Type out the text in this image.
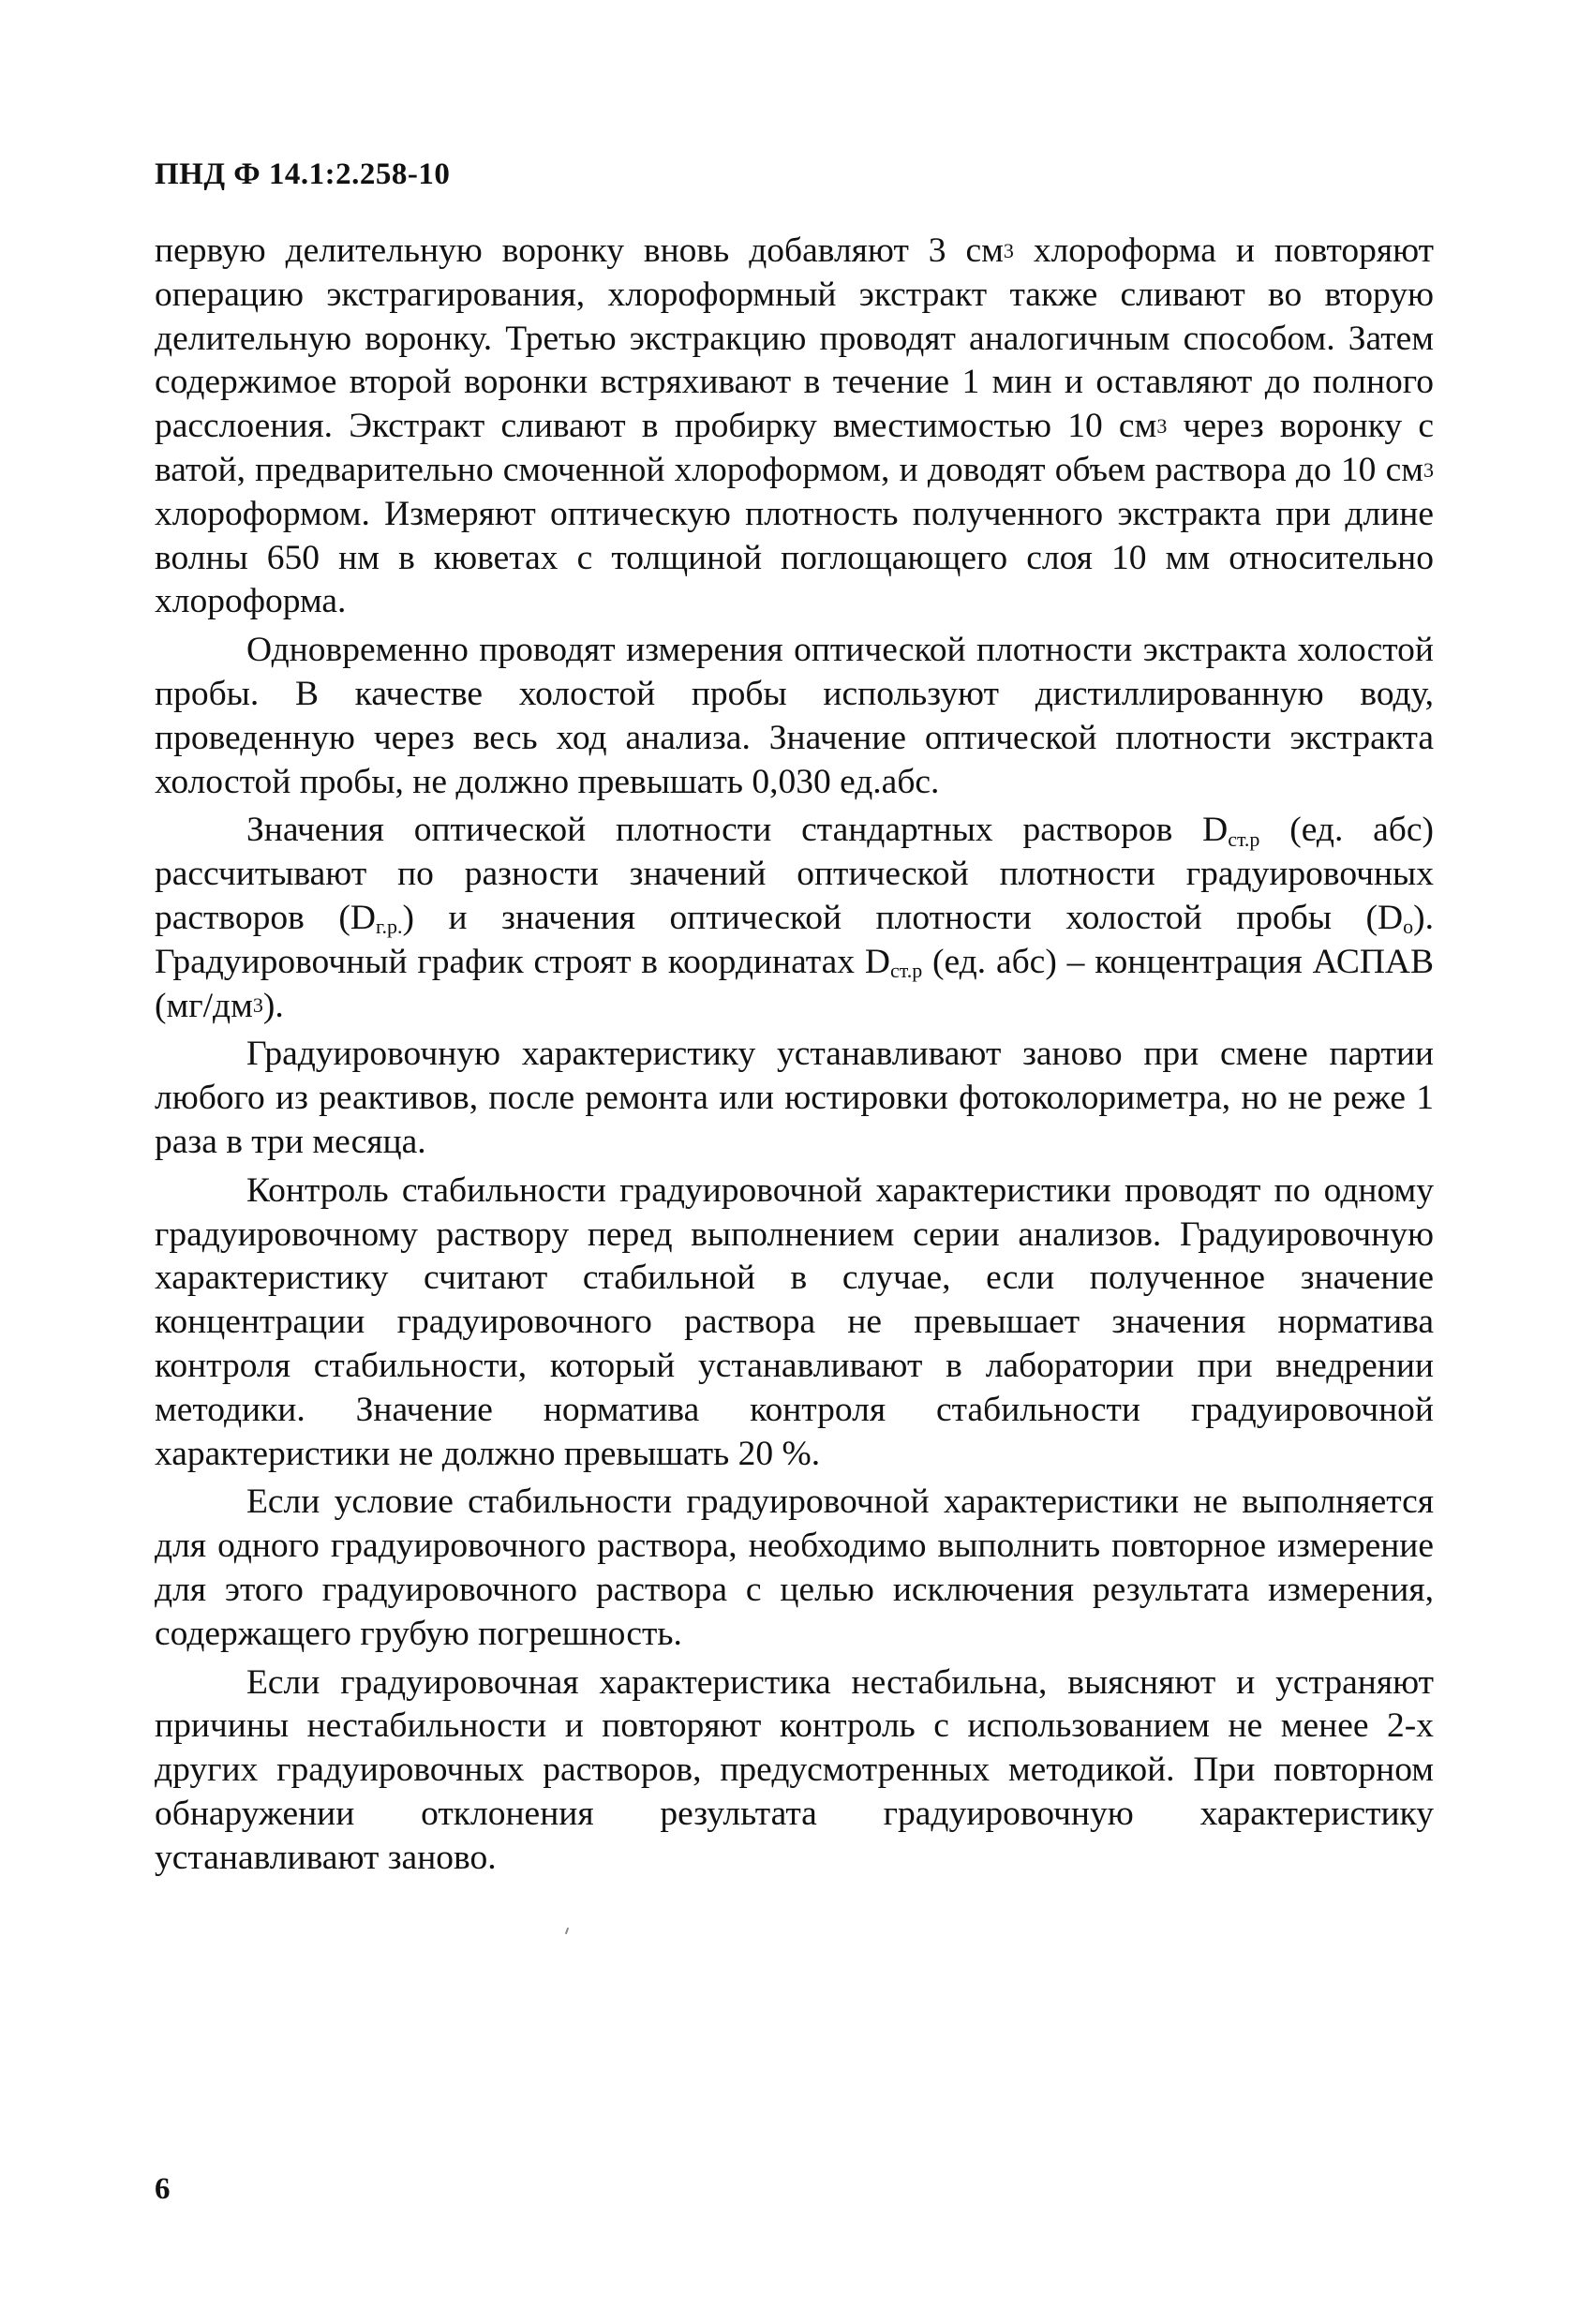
ПНД Ф 14.1:2.258-10

первую делительную воронку вновь добавляют 3 $см^3$ хлороформа и повторяют операцию экстрагирования, хлороформный экстракт также сливают во вторую делительную воронку. Третью экстракцию проводят аналогичным способом. Затем содержимое второй воронки встряхивают в течение 1 мин и оставляют до полного расслоения. Экстракт сливают в пробирку вместимостью 10 $см^3$ через воронку с ватой, предварительно смоченной хлороформом, и доводят объем раствора до 10 $см^3$ хлороформом. Измеряют оптическую плотность полученного экстракта при длине волны 650 нм в кюветах с толщиной поглощающего слоя 10 мм относительно хлороформа.

Одновременно проводят измерения оптической плотности экстракта холостой пробы. В качестве холостой пробы используют дистиллированную воду, проведенную через весь ход анализа. Значение оптической плотности экстракта холостой пробы, не должно превышать 0,030 ед.абс.

Значения оптической плотности стандартных растворов $D_{ст.р}$ (ед. абс) рассчитывают по разности значений оптической плотности градуировочных растворов $(D_{г.р.})$ и значения оптической плотности холостой пробы $(D_о)$. Градуировочный график строят в координатах $D_{ст.р}$ (ед. абс) – концентрация АСПАВ $(мг/дм^3)$.

Градуировочную характеристику устанавливают заново при смене партии любого из реактивов, после ремонта или юстировки фотоколориметра, но не реже 1 раза в три месяца.

Контроль стабильности градуировочной характеристики проводят по одному градуировочному раствору перед выполнением серии анализов. Градуировочную характеристику считают стабильной в случае, если полученное значение концентрации градуировочного раствора не превышает значения норматива контроля стабильности, который устанавливают в лаборатории при внедрении методики. Значение норматива контроля стабильности градуировочной характеристики не должно превышать 20 %.

Если условие стабильности градуировочной характеристики не выполняется для одного градуировочного раствора, необходимо выполнить повторное измерение для этого градуировочного раствора с целью исключения результата измерения, содержащего грубую погрешность.

Если градуировочная характеристика нестабильна, выясняют и устраняют причины нестабильности и повторяют контроль с использованием не менее 2-х других градуировочных растворов, предусмотренных методикой. При повторном обнаружении отклонения результата градуировочную характеристику устанавливают заново.

6
